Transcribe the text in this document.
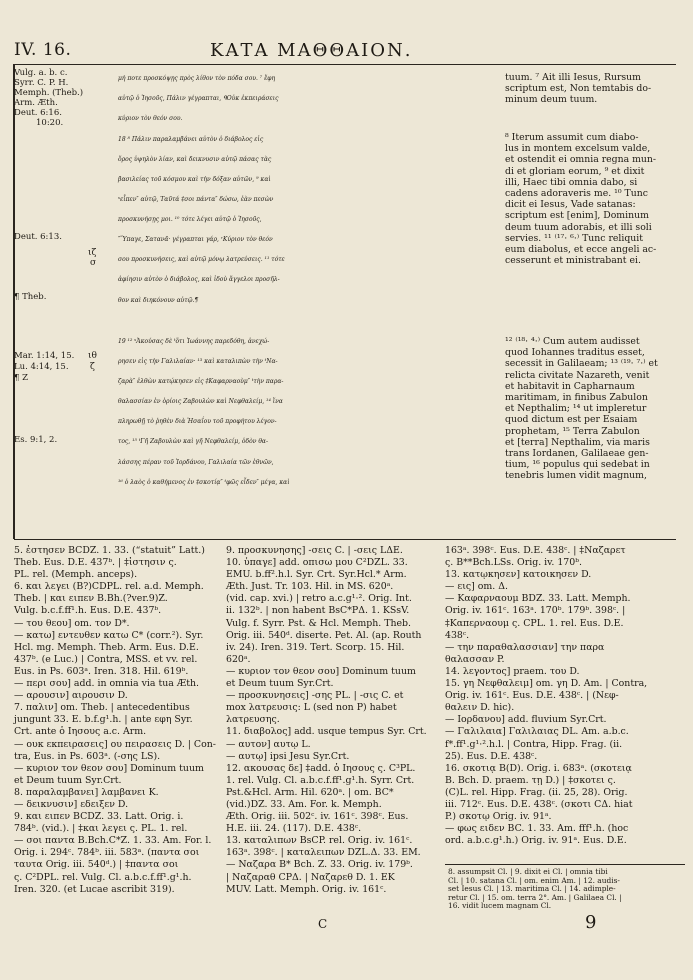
IV. 16.	ΚΑΤΑ ΜΑΘΘΑΙΟΝ.
Vulg. a. b. c.
Syrr. C. P. H.
Memph. (Theb.)
Arm. Æth.
Deut. 6:16.
10:20.
Deut. 6:13.
¶ Theb.
Mar. 1:14, 15.
Lu. 4:14, 15.
¶ Z
Es. 9:1, 2.
ιζ
σ
ιθ
ζ
μή ποτε προσκόψῃς πρὸς λίθον τὸν πόδα σου. ⁷ ἔφη
αὐτῷ ὁ Ἰησοῦς, Πάλιν γέγραπται, ᑫΟὐκ ἐκπειράσεις
κύριον τὸν θεόν σου.
18 ⁸ Πάλιν παραλαμβάνει αὐτὸν ὁ διάβολος εἰς
ὄρος ὑψηλὸν λίαν, καὶ δεικνυσιν αὐτῷ πάσας τὰς
βασιλείας τοῦ κόσμου καὶ τὴν δόξαν αὐτῶν, ⁹ καὶ
ˢεἶπεν″ αὐτῷ, Ταῦτά ‡σοι πάντα″ δώσω, ἐὰν πεσὼν
προσκυνήσῃς μοι. ¹⁰ τότε λέγει αὐτῷ ὁ Ἰησοῦς,
″Ὕπαγε, Σατανᾶ· γέγραπται γάρ, ʳΚύριον τὸν θεόν
σου προσκυνήσεις, καὶ αὐτῷ μόνῳ λατρεύσεις. ¹¹ τότε
ἀφίησιν αὐτὸν ὁ διάβολος, καὶ ἰδοὺ ἄγγελοι προσῆλ-
θον καὶ διηκόνουν αὐτῷ.¶
19 ¹² ˢἈκούσας δὲ ᵗὅτι Ἰωάννης παρεδόθη, ἀνεχώ-
ρησεν εἰς τὴν Γαλιλαίαν· ¹³ καὶ καταλιπὼν τὴν ᵗΝα-
ζαρὰ″ ἐλθὼν κατῴκησεν εἰς ‡Καφαρναοὺμ″ ᵗτὴν παρα-
θαλασσίαν ἐν ὁρίοις Ζαβουλὼν καὶ Νεφθαλείμ, ¹⁴ ἵνα
πληρωθῇ τὸ ῥηθὲν διὰ Ἠσαΐου τοῦ προφήτου λέγον-
τος, ¹⁵ ᵗΓῆ Ζαβουλὼν καὶ γῆ Νεφθαλείμ, ὁδὸν θα-
λάσσης πέραν τοῦ Ἰορδάνου, Γαλιλαία τῶν ἐθνῶν,
¹⁶ ὁ λαὸς ὁ καθήμενος ἐν ‡σκοτίᾳ″ ᵗφῶς εἶδεν″ μέγα, καὶ
tuum. ⁷ Ait illi Iesus, Rursum
scriptum est, Non temtabis do-
minum deum tuum.
⁸ Iterum assumit cum diabo-
lus in montem excelsum valde,
et ostendit ei omnia regna mun-
di et gloriam eorum, ⁹ et dixit
illi, Haec tibi omnia dabo, si
cadens adoraveris me. ¹⁰ Tunc
dicit ei Iesus, Vade satanas:
scriptum est [enim], Dominum
deum tuum adorabis, et illi soli
servies. ¹¹ ⁽¹⁷· ⁶·⁾ Tunc reliquit
eum diabolus, et ecce angeli ac-
cesserunt et ministrabant ei.
¹² ⁽¹⁸· ⁴·⁾ Cum autem audisset
quod Iohannes traditus esset,
secessit in Galilaeam; ¹³ ⁽¹⁹· ⁷·⁾ et
relicta civitate Nazareth, venit
et habitavit in Capharnaum
maritimam, in finibus Zabulon
et Nepthalim; ¹⁴ ut impleretur
quod dictum est per Esaiam
prophetam, ¹⁵ Terra Zabulon
et [terra] Nepthalim, via maris
trans Iordanen, Galilaeae gen-
tium, ¹⁶ populus qui sedebat in
tenebris lumen vidit magnum,
5. ἐστησεν BCDZ. 1. 33. (“statuit” Latt.)
Theb. Eus. D.E. 437ᵇ. | ‡ἱστησιν ς.
PL. rel. (Memph. anceps).
6. και λεγει (B?)CDPL. rel. a.d. Memph.
Theb. | και ειπεν B.Bh.(?ver.9)Z.
Vulg. b.c.f.ff¹.h. Eus. D.E. 437ᵇ.
— του θεου] om. τον D*.
— κατω] εντευθεν κατω C* (corr.²). Syr.
Hcl. mg. Memph. Theb. Arm. Eus. D.E.
437ᵇ. (e Luc.) | Contra, MSS. et vv. rel.
Eus. in Ps. 603ᵃ. Iren. 318. Hil. 619ᵇ.
— περι σου] add. in omnia via tua Æth.
— αρουσιν] αιρουσιν D.
7. παλιν] om. Theb. | antecedentibus
jungunt 33. E. b.f.g¹.h. | ante εφη Syr.
Crt. ante ὁ Ιησους a.c. Arm.
— ουκ εκπειρασεις] ου πειρασεις D. | Con-
tra, Eus. in Ps. 603ᵃ. (-σης LS).
— κυριον τον θεον σου] Dominum tuum
et Deum tuum Syr.Crt.
8. παραλαμβανει] λαμβανει K.
— δεικνυσιν] εδειξεν D.
9. και ειπεν BCDZ. 33. Latt. Orig. i.
784ᵇ. (vid.). | ‡και λεγει ς. PL. 1. rel.
— σοι παντα B.Bch.C*Z. 1. 33. Am. For. l.
Orig. i. 294ᶜ. 784ᵇ. iii. 583ᵃ. (παντα σοι
ταυτα Orig. iii. 540ᵈ.) | ‡παντα σοι
ς. C²DPL. rel. Vulg. Cl. a.b.c.f.ff¹.g¹.h.
Iren. 320. (et Lucae ascribit 319).
9. προσκυνησης] -σεις C. | -σεις LΔE.
10. ὑπαγε] add. οπισω μου C²DZL. 33.
EMU. b.ff².h.l. Syr. Crt. Syr.Hcl.* Arm.
Æth. Just. Tr. 103. Hil. in MS. 620ᵃ.
(vid. cap. xvi.) | retro a.c.g¹·². Orig. Int.
ii. 132ᵇ. | non habent BsC*PΔ. 1. KSsV.
Vulg. f. Syrr. Pst. & Hcl. Memph. Theb.
Orig. iii. 540ᵈ. diserte. Pet. Al. (ap. Routh
iv. 24). Iren. 319. Tert. Scorp. 15. Hil.
620ᵃ.
— κυριον τον θεον σου] Dominum tuum
et Deum tuum Syr.Crt.
— προσκυνησεις] -σης PL. | -σις C. et
mox λατρευσις: L (sed non P) habet
λατρευσης.
11. διαβολος] add. usque tempus Syr. Crt.
— αυτον] αυτῳ L.
— αυτῳ] ipsi Jesu Syr.Crt.
12. ακουσας δε] ‡add. ὁ Ιησους ς. C³PL.
1. rel. Vulg. Cl. a.b.c.f.ff¹.g¹.h. Syrr. Crt.
Pst.&Hcl. Arm. Hil. 620ᵃ. | om. BC*
(vid.)DZ. 33. Am. For. k. Memph.
Æth. Orig. iii. 502ᶜ. iv. 161ᶜ. 398ᶜ. Eus.
H.E. iii. 24. (117). D.E. 438ᶜ.
13. καταλιπων BsCP. rel. Orig. iv. 161ᶜ.
163ᵃ. 398ᶜ. | καταλειπων DZL.Δ. 33. EM.
— Ναζαρα B* Bch. Z. 33. Orig. iv. 179ᵇ.
| Ναζαραθ CPΔ. | Ναζαρεθ D. 1. EK
MUV. Latt. Memph. Orig. iv. 161ᶜ.
163ᵃ. 398ᶜ. Eus. D.E. 438ᶜ. | ‡Ναζαρετ
ς. B**Bch.LSs. Orig. iv. 170ᵇ.
13. κατῳκησεν] κατοικησεν D.
— εις] om. Δ.
— Καφαρναουμ BDZ. 33. Latt. Memph.
Orig. iv. 161ᶜ. 163ᵃ. 170ᵇ. 179ᵇ. 398ᶜ. |
‡Καπερναουμ ς. CPL. 1. rel. Eus. D.E.
438ᶜ.
— την παραθαλασσιαν] την παρα
θαλασσαν P.
14. λεγοντος] praem. του D.
15. γη Νεφθαλειμ] om. γη D. Am. | Contra,
Orig. iv. 161ᶜ. Eus. D.E. 438ᶜ. | (Νεφ-
θαλειν D. hic).
— Ιορδανου] add. fluvium Syr.Crt.
— Γαλιλαια] Γαλιλαιας DL. Am. a.b.c.
f*.ff¹.g¹·².h.l. | Contra, Hipp. Frag. (ii.
25). Eus. D.E. 438ᶜ.
16. σκοτιᾳ B(D). Orig. i. 683ᵃ. (σκοτειᾳ
B. Bch. D. praem. τῃ D.) | ‡σκοτει ς.
(C)L. rel. Hipp. Frag. (ii. 25, 28). Orig.
iii. 712ᶜ. Eus. D.E. 438ᶜ. (σκοτι CΔ. hiat
P.) σκοτῳ Orig. iv. 91ᵃ.
— φως ειδεν BC. 1. 33. Am. fff¹.h. (hoc
ord. a.b.c.g¹.h.) Orig. iv. 91ᵃ. Eus. D.E.
8. assumpsit Cl. | 9. dixit ei Cl. | omnia tibi
Cl. | 10. satana Cl. | om. enim Am. | 12. audis-
set Iesus Cl. | 13. maritima Cl. | 14. adimple-
retur Cl. | 15. om. terra 2°. Am. | Galilaea Cl. |
16. vidit lucem magnam Cl.
C	9
